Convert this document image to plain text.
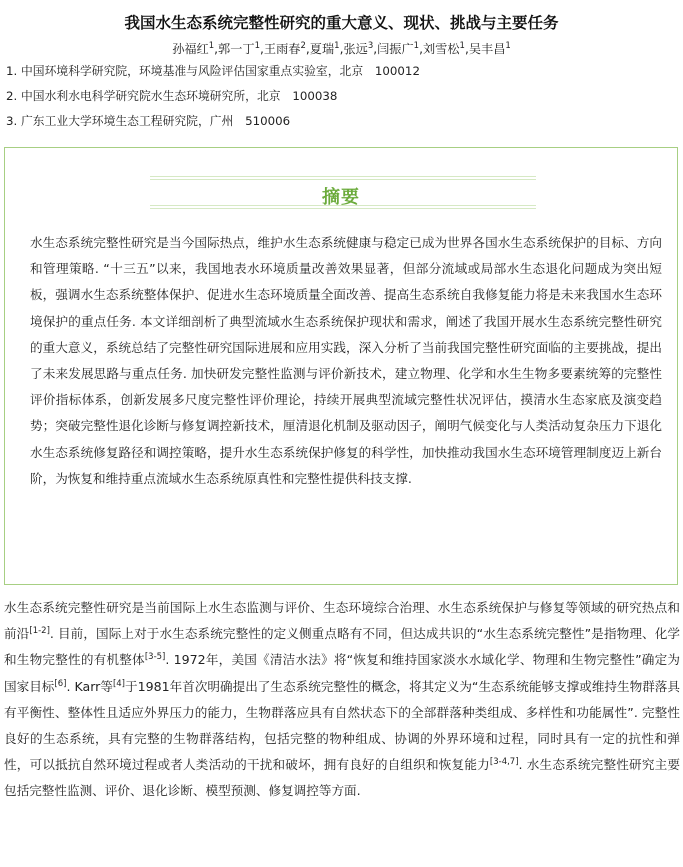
我国水生态系统完整性研究的重大意义、现状、挑战与主要任务
孙福红$^1$,郭一丁$^1$,王雨春$^2$,夏瑞$^1$,张远$^3$,闫振广$^1$,刘雪松$^1$,吴丰昌$^1$
1. 中国环境科学研究院，环境基准与风险评估国家重点实验室，北京　100012
2. 中国水利水电科学研究院水生态环境研究所，北京　100038
3. 广东工业大学环境生态工程研究院，广州　510006
摘要
水生态系统完整性研究是当今国际热点，维护水生态系统健康与稳定已成为世界各国水生态系统保护的目标、方向和管理策略. “十三五”以来，我国地表水环境质量改善效果显著，但部分流域或局部水生态退化问题成为突出短板，强调水生态系统整体保护、促进水生态环境质量全面改善、提高生态系统自我修复能力将是未来我国水生态环境保护的重点任务. 本文详细剖析了典型流域水生态系统保护现状和需求，阐述了我国开展水生态系统完整性研究的重大意义，系统总结了完整性研究国际进展和应用实践，深入分析了当前我国完整性研究面临的主要挑战，提出了未来发展思路与重点任务. 加快研发完整性监测与评价新技术，建立物理、化学和水生生物多要素统筹的完整性评价指标体系，创新发展多尺度完整性评价理论，持续开展典型流域完整性状况评估，摸清水生态家底及演变趋势；突破完整性退化诊断与修复调控新技术，厘清退化机制及驱动因子，阐明气候变化与人类活动复杂压力下退化水生态系统修复路径和调控策略，提升水生态系统保护修复的科学性，加快推动我国水生态环境管理制度迈上新台阶，为恢复和维持重点流域水生态系统原真性和完整性提供科技支撑.
水生态系统完整性研究是当前国际上水生态监测与评价、生态环境综合治理、水生态系统保护与修复等领域的研究热点和前沿[1-2]. 目前，国际上对于水生态系统完整性的定义侧重点略有不同，但达成共识的“水生态系统完整性”是指物理、化学和生物完整性的有机整体[3-5]. 1972年，美国《清洁水法》将“恢复和维持国家淡水水域化学、物理和生物完整性”确定为国家目标[6]. Karr等[4]于1981年首次明确提出了生态系统完整性的概念，将其定义为“生态系统能够支撑或维持生物群落具有平衡性、整体性且适应外界压力的能力，生物群落应具有自然状态下的全部群落种类组成、多样性和功能属性”. 完整性良好的生态系统，具有完整的生物群落结构，包括完整的物种组成、协调的外界环境和过程，同时具有一定的抗性和弹性，可以抵抗自然环境过程或者人类活动的干扰和破坏，拥有良好的自组织和恢复能力[3-4,7]. 水生态系统完整性研究主要包括完整性监测、评价、退化诊断、模型预测、修复调控等方面.
